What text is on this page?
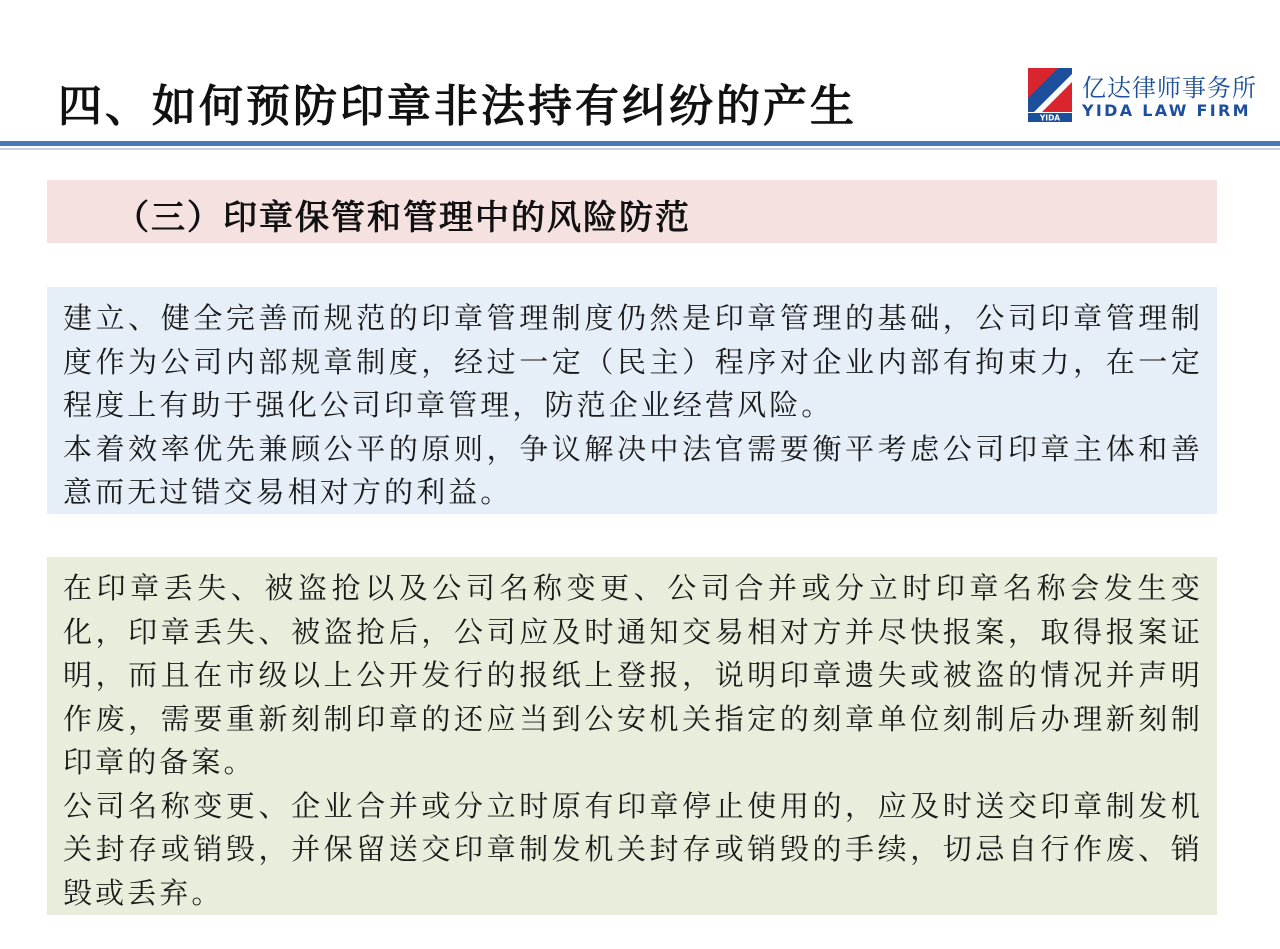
四、如何预防印章非法持有纠纷的产生	YIDA
亿达律师事务所
YIDA LAW FIRM
（三）印章保管和管理中的风险防范

建立、健全完善而规范的印章管理制度仍然是印章管理的基础，公司印章管理制度作为公司内部规章制度，经过一定（民主）程序对企业内部有拘束力，在一定程度上有助于强化公司印章管理，防范企业经营风险。

本着效率优先兼顾公平的原则，争议解决中法官需要衡平考虑公司印章主体和善意而无过错交易相对方的利益。

在印章丢失、被盗抢以及公司名称变更、公司合并或分立时印章名称会发生变化，印章丢失、被盗抢后，公司应及时通知交易相对方并尽快报案，取得报案证明，而且在市级以上公开发行的报纸上登报，说明印章遗失或被盗的情况并声明作废，需要重新刻制印章的还应当到公安机关指定的刻章单位刻制后办理新刻制印章的备案。

公司名称变更、企业合并或分立时原有印章停止使用的，应及时送交印章制发机关封存或销毁，并保留送交印章制发机关封存或销毁的手续，切忌自行作废、销毁或丢弃。
